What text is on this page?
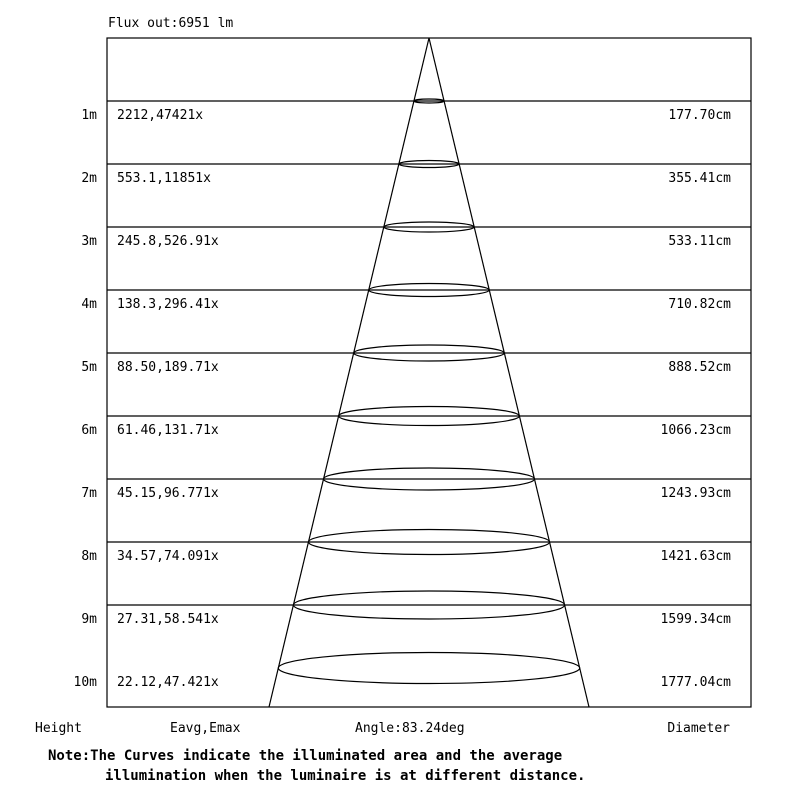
Flux out:6951 lm
1m 2212,47421x	177.70cm
2m 553.1,11851x	355.41cm
3m 245.8,526.91x	533.11cm
4m 138.3,296.41x	710.82cm
5m 88.50,189.71x	888.52cm
6m 61.46,131.71x	1066.23cm
7m 45.15,96.771x	1243.93cm
8m 34.57,74.091x	1421.63cm
9m 27.31,58.541x	1599.34cm
10m 22.12,47.421x	1777.04cm
Height	Eavg,Emax	Angle:83.24deg	Diameter
Note:The Curves indicate the illuminated area and the average
illumination when the luminaire is at different distance.
